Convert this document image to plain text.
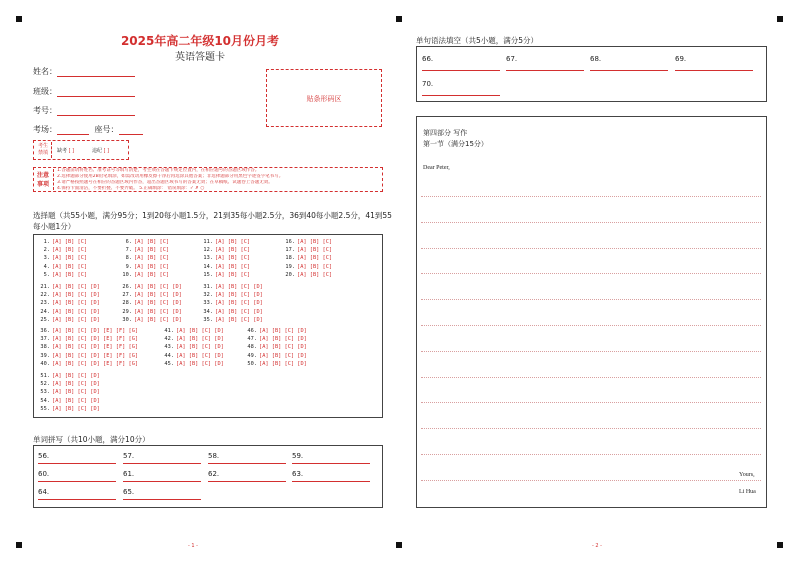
2025年高二年级10月份月考
英语答题卡
姓名：
班级：
考号：
考场：	座号：
贴条形码区
考生
禁填 缺考 [ ]	违纪 [ ]
注意
事项
1.答题前请将姓名、准考证号等填写清楚，考生须在答题卡规定位置内，在相应题号的答题区域作答。
2.选择题部分使用2B铅笔填涂，如需改动用橡皮擦干净后再选涂其他答案；非选择题部分用黑色字迹签字笔书写。
3.请严格按照题号在相应的答题区域内作答，超出答题区域书写的答案无效；在草稿纸、试题卷上答题无效。
4.保持卡面清洁，不要折叠、不要弄破。 5.正确填涂： 错误填涂：✓ ✗ ○
选择题（共55小题，满分95分；1到20每小题1.5分，21到35每小题2.5分，36到40每小题2.5分，41到55
每小题1分）
1. [A] [B] [C]
2. [A] [B] [C]
3. [A] [B] [C]
4. [A] [B] [C]
5. [A] [B] [C]
6. [A] [B] [C]
7. [A] [B] [C]
8. [A] [B] [C]
9. [A] [B] [C]
10. [A] [B] [C]
11. [A] [B] [C]
12. [A] [B] [C]
13. [A] [B] [C]
14. [A] [B] [C]
15. [A] [B] [C]
16. [A] [B] [C]
17. [A] [B] [C]
18. [A] [B] [C]
19. [A] [B] [C]
20. [A] [B] [C]
21. [A] [B] [C] [D]
22. [A] [B] [C] [D]
23. [A] [B] [C] [D]
24. [A] [B] [C] [D]
25. [A] [B] [C] [D]
26. [A] [B] [C] [D]
27. [A] [B] [C] [D]
28. [A] [B] [C] [D]
29. [A] [B] [C] [D]
30. [A] [B] [C] [D]
31. [A] [B] [C] [D]
32. [A] [B] [C] [D]
33. [A] [B] [C] [D]
34. [A] [B] [C] [D]
35. [A] [B] [C] [D]
36. [A] [B] [C] [D] [E] [F] [G]
37. [A] [B] [C] [D] [E] [F] [G]
38. [A] [B] [C] [D] [E] [F] [G]
39. [A] [B] [C] [D] [E] [F] [G]
40. [A] [B] [C] [D] [E] [F] [G]
41. [A] [B] [C] [D]
42. [A] [B] [C] [D]
43. [A] [B] [C] [D]
44. [A] [B] [C] [D]
45. [A] [B] [C] [D]
46. [A] [B] [C] [D]
47. [A] [B] [C] [D]
48. [A] [B] [C] [D]
49. [A] [B] [C] [D]
50. [A] [B] [C] [D]
51. [A] [B] [C] [D]
52. [A] [B] [C] [D]
53. [A] [B] [C] [D]
54. [A] [B] [C] [D]
55. [A] [B] [C] [D]
单词拼写（共10小题，满分10分）
56.	57.	58.	59.
60.	61.	62.	63.
64.	65.
- 1 -
单句语法填空（共5小题，满分5分）
66.	67.	68.	69.
70.
第四部分 写作
第一节（满分15分）
Dear Peter,
Yours,
Li Hua
- 2 -
